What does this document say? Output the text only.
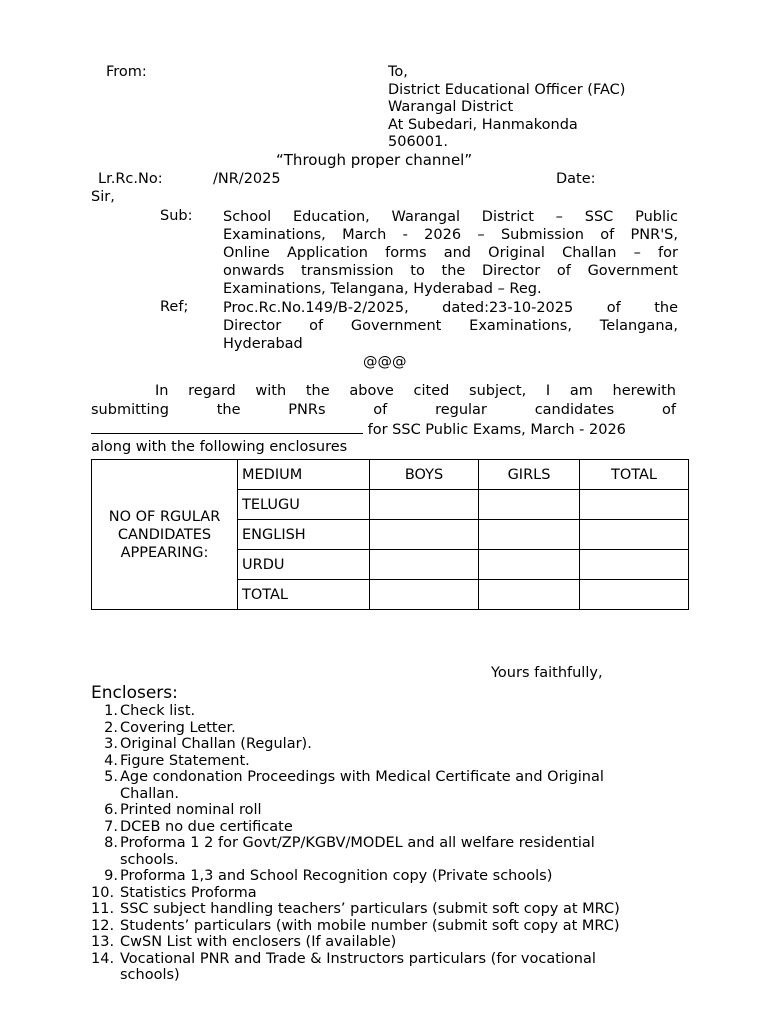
From:	To,
District Educational Officer (FAC)
Warangal District
At Subedari, Hanmakonda
506001.
“Through proper channel”
Lr.Rc.No:	/NR/2025	Date:
Sir,
Sub: School Education, Warangal District – SSC Public
Examinations, March - 2026 – Submission of PNR'S,
Online Application forms and Original Challan – for
onwards transmission to the Director of Government
Examinations, Telangana, Hyderabad – Reg.
Ref; Proc.Rc.No.149/B-2/2025, dated:23-10-2025 of the
Director of Government Examinations, Telangana,
Hyderabad
@@@
In regard with the above cited subject, I am herewith
submitting the PNRs of regular candidates of
for SSC Public Exams, March - 2026
along with the following enclosures
NO OF RGULAR CANDIDATES APPEARING:	MEDIUM	BOYS	GIRLS	TOTAL
	TELUGU			
	ENGLISH			
	URDU			
	TOTAL			
Yours faithfully,
Enclosers:
1. Check list.
2. Covering Letter.
3. Original Challan (Regular).
4. Figure Statement.
5. Age condonation Proceedings with Medical Certificate and Original
Challan.
6. Printed nominal roll
7. DCEB no due certificate
8. Proforma 1 2 for Govt/ZP/KGBV/MODEL and all welfare residential
schools.
9. Proforma 1,3 and School Recognition copy (Private schools)
10. Statistics Proforma
11. SSC subject handling teachers’ particulars (submit soft copy at MRC)
12. Students’ particulars (with mobile number (submit soft copy at MRC)
13. CwSN List with enclosers (If available)
14. Vocational PNR and Trade & Instructors particulars (for vocational
schools)
